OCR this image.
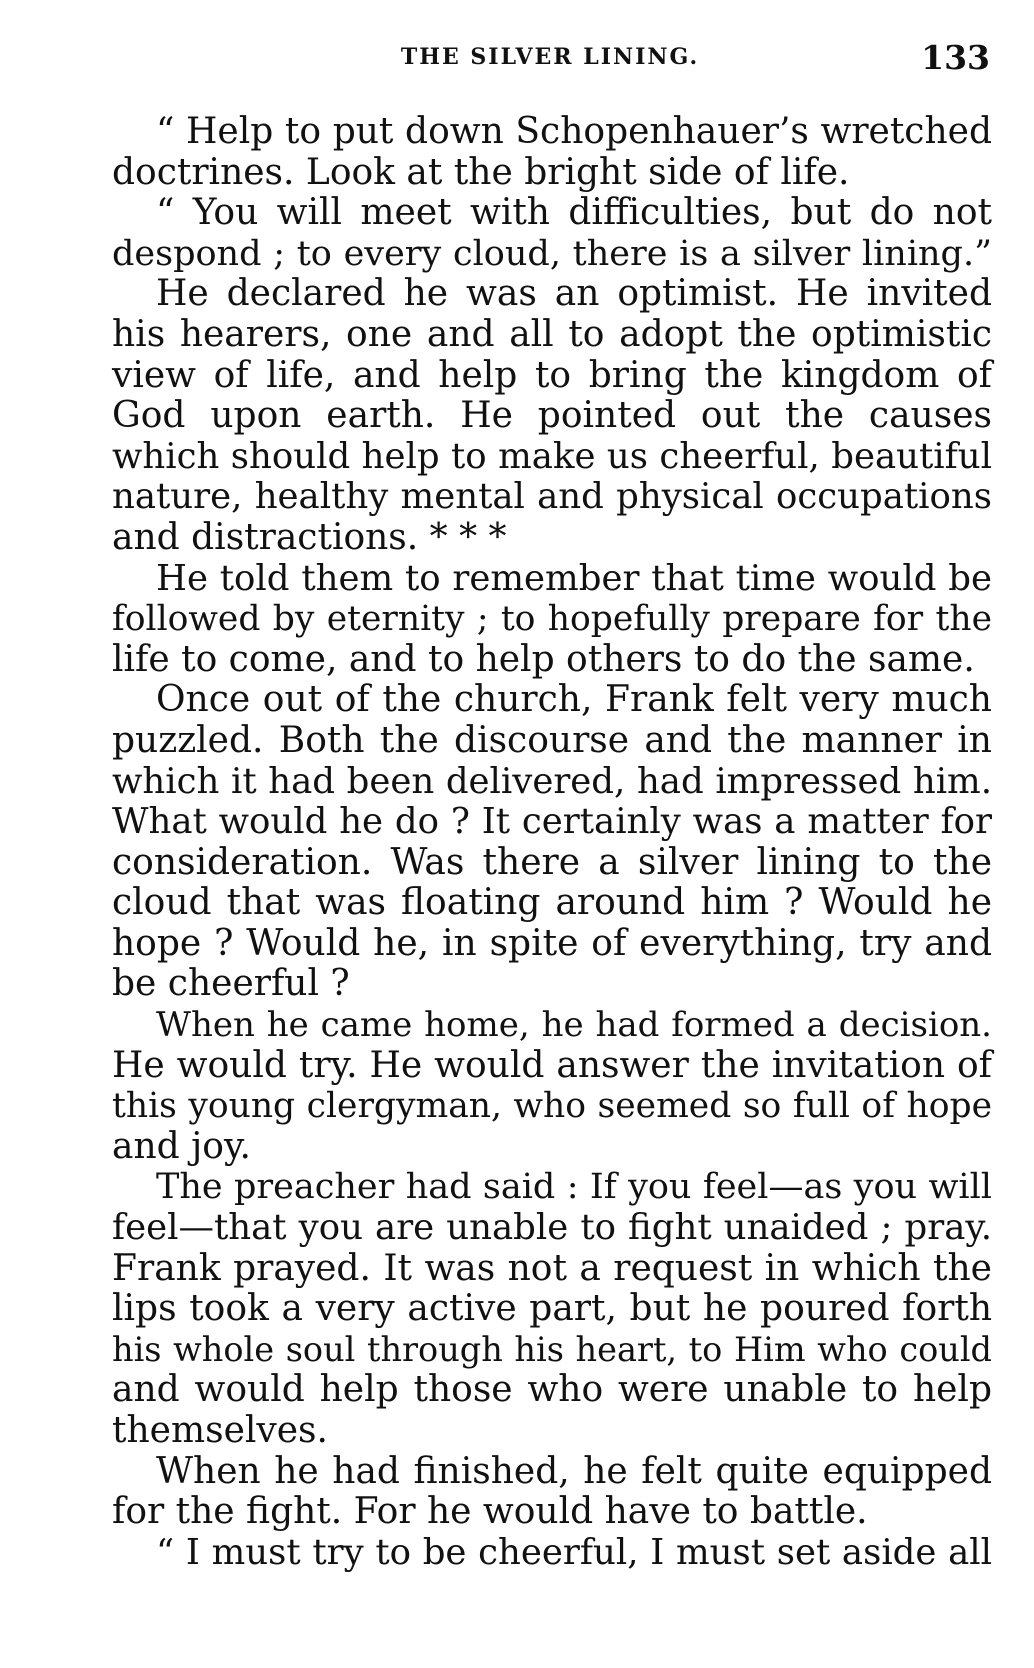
THE SILVER LINING.	133
“ Help to put down Schopenhauer’s wretched
doctrines. Look at the bright side of life.
“ You will meet with difficulties, but do not
despond ; to every cloud, there is a silver lining.”
He declared he was an optimist. He invited
his hearers, one and all to adopt the optimistic
view of life, and help to bring the kingdom of
God upon earth. He pointed out the causes
which should help to make us cheerful, beautiful
nature, healthy mental and physical occupations
and distractions. * * *
He told them to remember that time would be
followed by eternity ; to hopefully prepare for the
life to come, and to help others to do the same.
Once out of the church, Frank felt very much
puzzled. Both the discourse and the manner in
which it had been delivered, had impressed him.
What would he do ? It certainly was a matter for
consideration. Was there a silver lining to the
cloud that was floating around him ? Would he
hope ? Would he, in spite of everything, try and
be cheerful ?
When he came home, he had formed a decision.
He would try. He would answer the invitation of
this young clergyman, who seemed so full of hope
and joy.
The preacher had said : If you feel—as you will
feel—that you are unable to fight unaided ; pray.
Frank prayed. It was not a request in which the
lips took a very active part, but he poured forth
his whole soul through his heart, to Him who could
and would help those who were unable to help
themselves.
When he had finished, he felt quite equipped
for the fight. For he would have to battle.
“ I must try to be cheerful, I must set aside all
